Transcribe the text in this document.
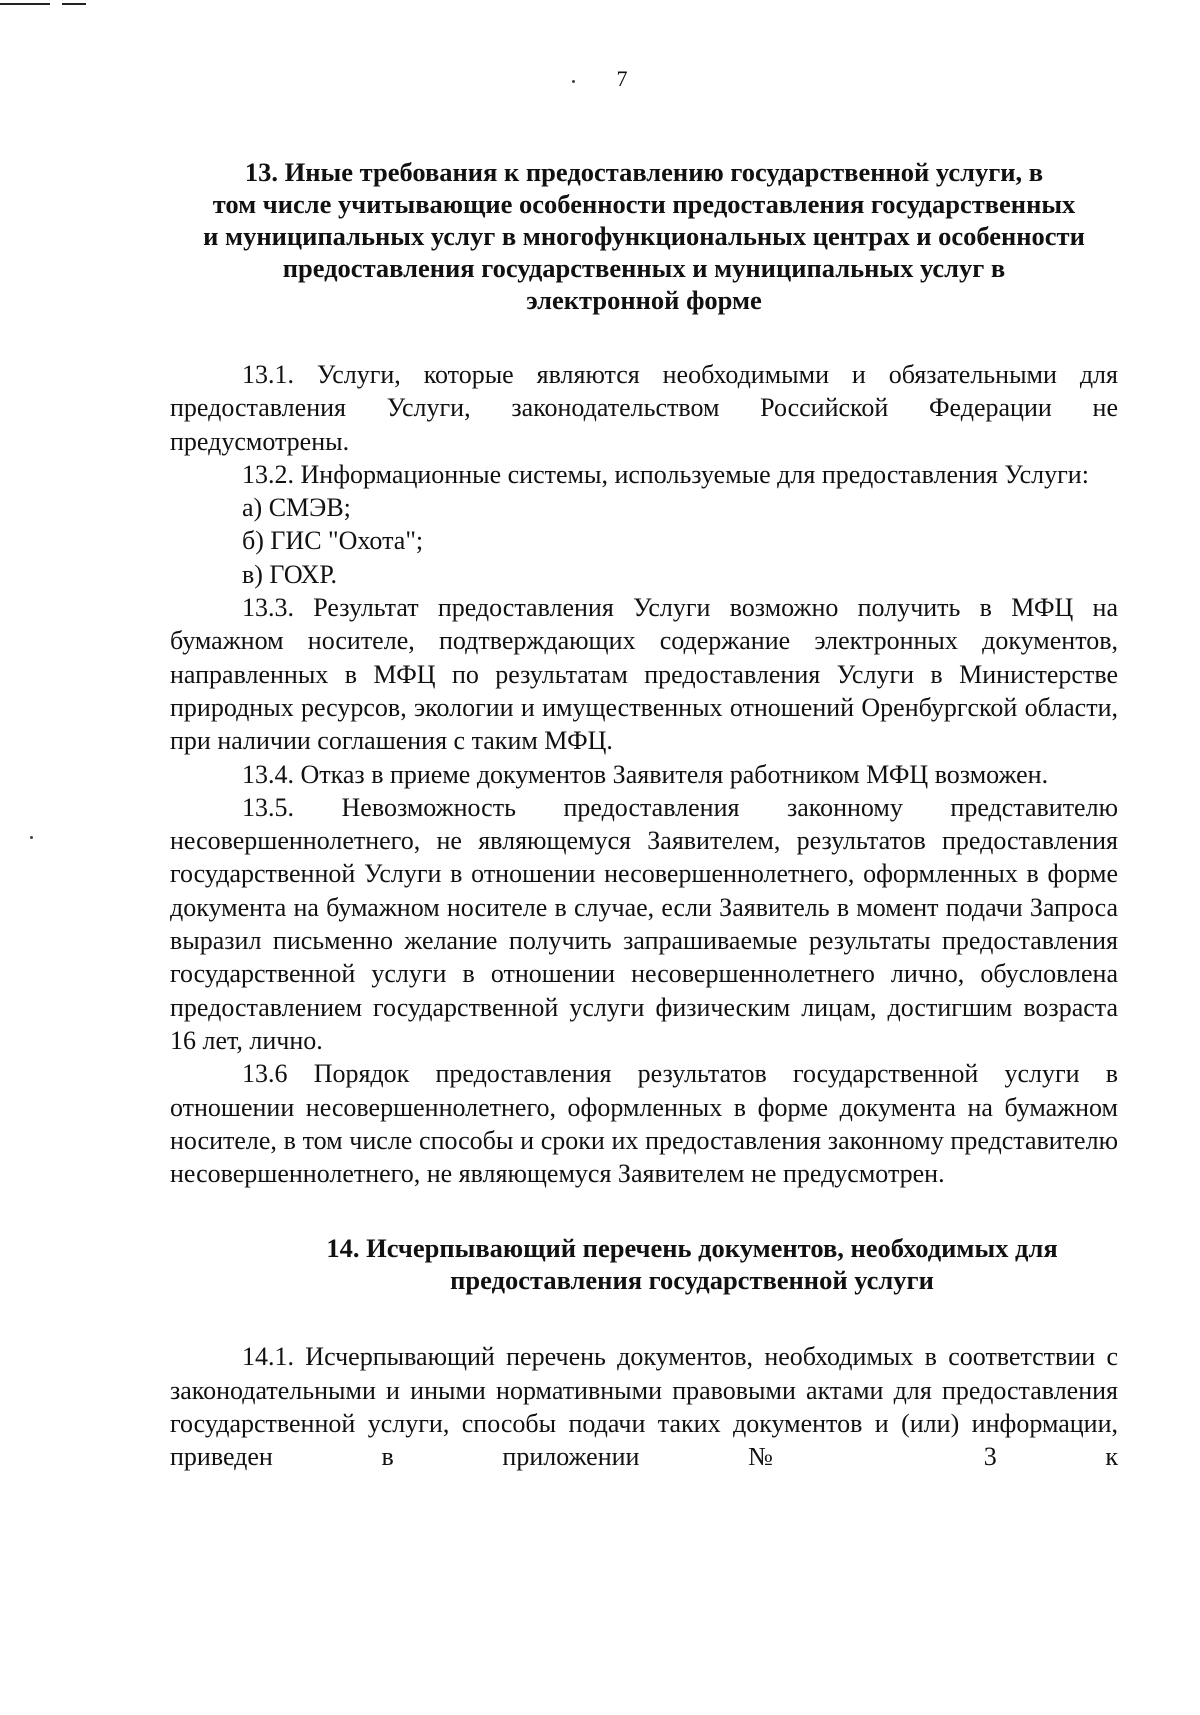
7
13. Иные требования к предоставлению государственной услуги, в
том числе учитывающие особенности предоставления государственных
и муниципальных услуг в многофункциональных центрах и особенности
предоставления государственных и муниципальных услуг в
электронной форме

13.1. Услуги, которые являются необходимыми и обязательными для предоставления Услуги, законодательством Российской Федерации не предусмотрены.

13.2. Информационные системы, используемые для предоставления Услуги:

а) СМЭВ;

б) ГИС "Охота";

в) ГОХР.

13.3. Результат предоставления Услуги возможно получить в МФЦ на бумажном носителе, подтверждающих содержание электронных документов, направленных в МФЦ по результатам предоставления Услуги в Министерстве природных ресурсов, экологии и имущественных отношений Оренбургской области, при наличии соглашения с таким МФЦ.

13.4. Отказ в приеме документов Заявителя работником МФЦ возможен.

13.5. Невозможность предоставления законному представителю несовершеннолетнего, не являющемуся Заявителем, результатов предоставления государственной Услуги в отношении несовершеннолетнего, оформленных в форме документа на бумажном носителе в случае, если Заявитель в момент подачи Запроса выразил письменно желание получить запрашиваемые результаты предоставления государственной услуги в отношении несовершеннолетнего лично, обусловлена предоставлением государственной услуги физическим лицам, достигшим возраста 16 лет, лично.

13.6 Порядок предоставления результатов государственной услуги в отношении несовершеннолетнего, оформленных в форме документа на бумажном носителе, в том числе способы и сроки их предоставления законному представителю несовершеннолетнего, не являющемуся Заявителем не предусмотрен.

14. Исчерпывающий перечень документов, необходимых для
предоставления государственной услуги

14.1. Исчерпывающий перечень документов, необходимых в соответствии с законодательными и иными нормативными правовыми актами для предоставления государственной услуги, способы подачи таких документов и (или) информации, приведен в приложении № 3 к
